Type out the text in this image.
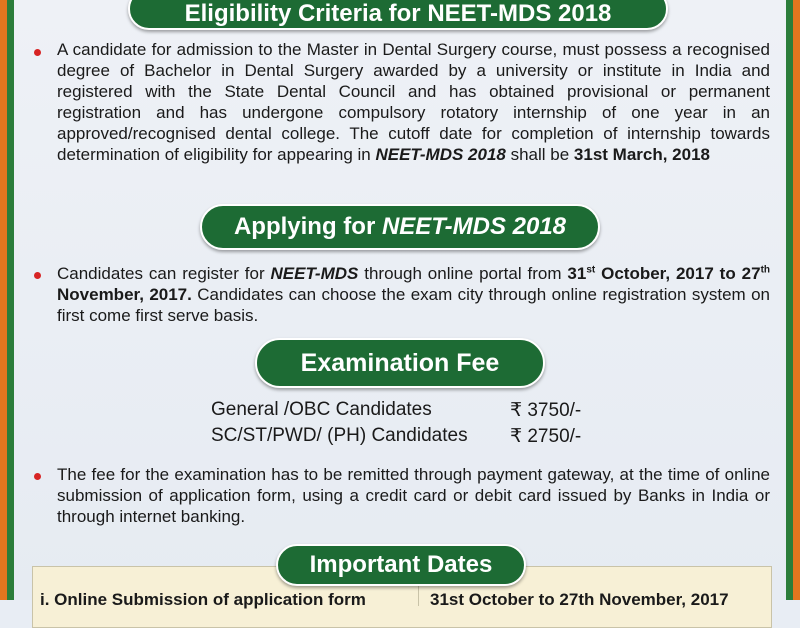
Eligibility Criteria for NEET-MDS 2018
A candidate for admission to the Master in Dental Surgery course, must possess a recognised degree of Bachelor in Dental Surgery awarded by a university or institute in India and registered with the State Dental Council and has obtained provisional or permanent registration and has undergone compulsory rotatory internship of one year in an approved/recognised dental college. The cutoff date for completion of internship towards determination of eligibility for appearing in NEET-MDS 2018 shall be 31st March, 2018
Applying for NEET-MDS 2018
Candidates can register for NEET-MDS through online portal from 31st October, 2017 to 27th November, 2017. Candidates can choose the exam city through online registration system on first come first serve basis.
Examination Fee
General /OBC Candidates	₹ 3750/-
SC/ST/PWD/ (PH) Candidates ₹ 2750/-
The fee for the examination has to be remitted through payment gateway, at the time of online submission of application form, using a credit card or debit card issued by Banks in India or through internet banking.
i. Online Submission of application form	31st October to 27th November, 2017
Important Dates
